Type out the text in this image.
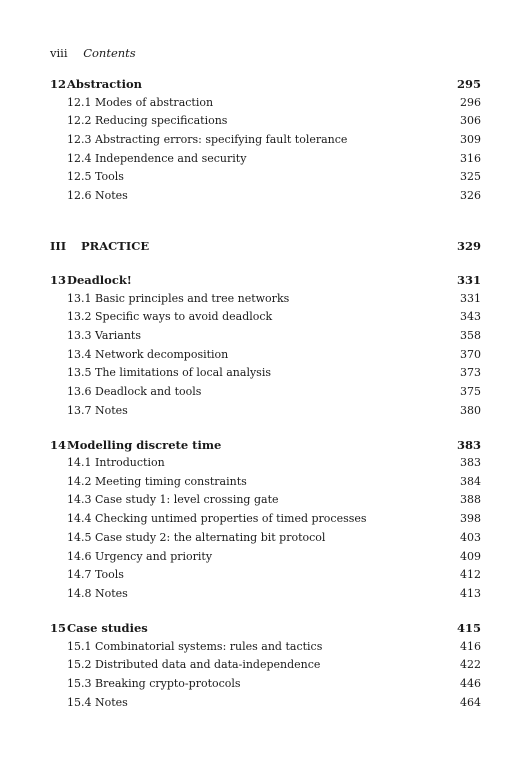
viii Contents
12 Abstraction	295
12.1 Modes of abstraction	296
12.2 Reducing specifications	306
12.3 Abstracting errors: specifying fault tolerance	309
12.4 Independence and security	316
12.5 Tools	325
12.6 Notes	326
III PRACTICE	329
13 Deadlock!	331
13.1 Basic principles and tree networks	331
13.2 Specific ways to avoid deadlock	343
13.3 Variants	358
13.4 Network decomposition	370
13.5 The limitations of local analysis	373
13.6 Deadlock and tools	375
13.7 Notes	380
14 Modelling discrete time	383
14.1 Introduction	383
14.2 Meeting timing constraints	384
14.3 Case study 1: level crossing gate	388
14.4 Checking untimed properties of timed processes	398
14.5 Case study 2: the alternating bit protocol	403
14.6 Urgency and priority	409
14.7 Tools	412
14.8 Notes	413
15 Case studies	415
15.1 Combinatorial systems: rules and tactics	416
15.2 Distributed data and data-independence	422
15.3 Breaking crypto-protocols	446
15.4 Notes	464
